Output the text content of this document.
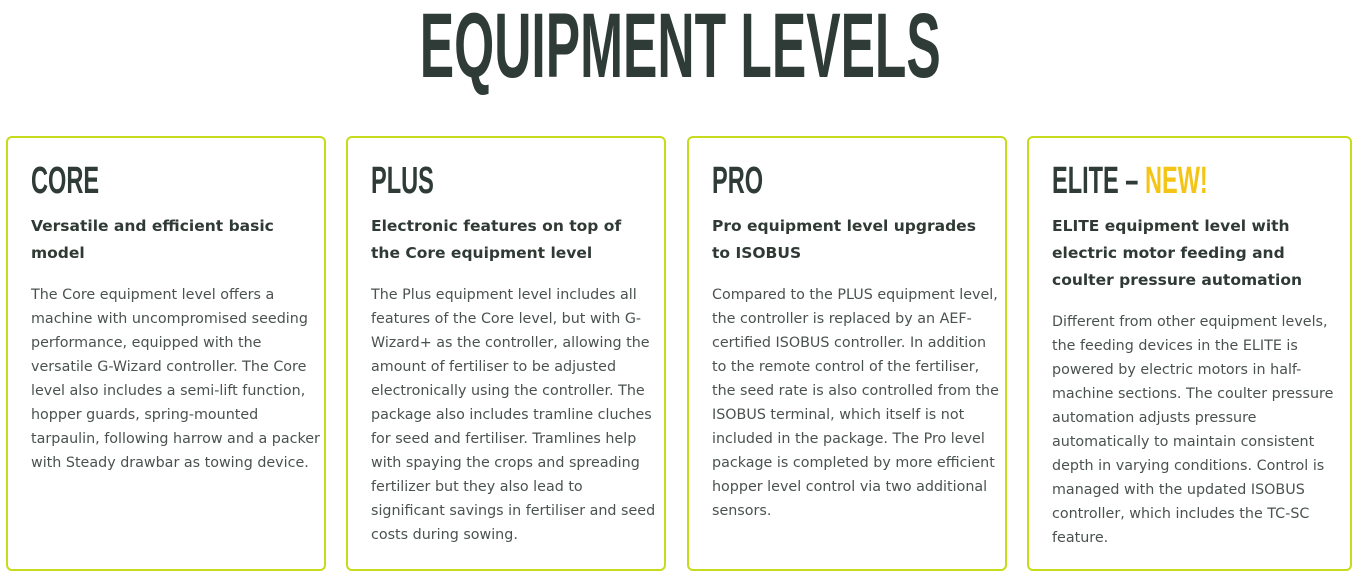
EQUIPMENT LEVELS
CORE

Versatile and efficient basic model

The Core equipment level offers a machine with uncompromised seeding performance, equipped with the versatile G-Wizard controller. The Core level also includes a semi-lift function, hopper guards, spring-mounted tarpaulin, following harrow and a packer with Steady drawbar as towing device.

PLUS

Electronic features on top of the Core equipment level

The Plus equipment level includes all features of the Core level, but with G-Wizard+ as the controller, allowing the amount of fertiliser to be adjusted electronically using the controller. The package also includes tramline cluches for seed and fertiliser. Tramlines help with spaying the crops and spreading fertilizer but they also lead to significant savings in fertiliser and seed costs during sowing.

PRO

Pro equipment level upgrades to ISOBUS

Compared to the PLUS equipment level, the controller is replaced by an AEF-certified ISOBUS controller. In addition to the remote control of the fertiliser, the seed rate is also controlled from the ISOBUS terminal, which itself is not included in the package. The Pro level package is completed by more efficient hopper level control via two additional sensors.

ELITE – NEW!

ELITE equipment level with electric motor feeding and coulter pressure automation

Different from other equipment levels, the feeding devices in the ELITE is powered by electric motors in half-machine sections. The coulter pressure automation adjusts pressure automatically to maintain consistent depth in varying conditions. Control is managed with the updated ISOBUS controller, which includes the TC-SC feature.
